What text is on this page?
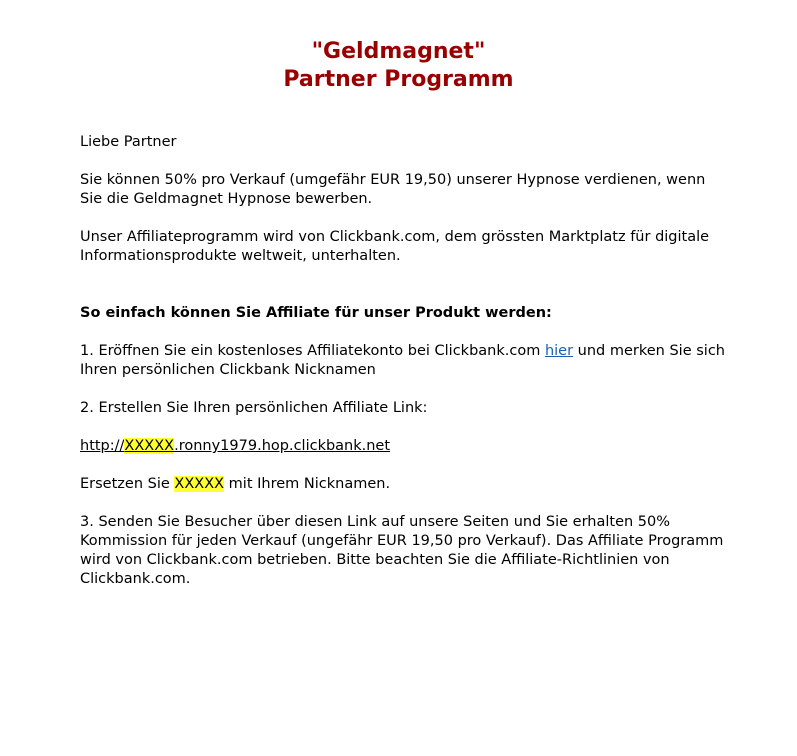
"Geldmagnet"
Partner Programm

Liebe Partner

Sie können 50% pro Verkauf (umgefähr EUR 19,50) unserer Hypnose verdienen, wenn Sie die Geldmagnet Hypnose bewerben.

Unser Affiliateprogramm wird von Clickbank.com, dem grössten Marktplatz für digitale Informationsprodukte weltweit, unterhalten.

So einfach können Sie Affiliate für unser Produkt werden:

1. Eröffnen Sie ein kostenloses Affiliatekonto bei Clickbank.com hier und merken Sie sich Ihren persönlichen Clickbank Nicknamen

2. Erstellen Sie Ihren persönlichen Affiliate Link:

http://XXXXX.ronny1979.hop.clickbank.net

Ersetzen Sie XXXXX mit Ihrem Nicknamen.

3. Senden Sie Besucher über diesen Link auf unsere Seiten und Sie erhalten 50% Kommission für jeden Verkauf (ungefähr EUR 19,50 pro Verkauf). Das Affiliate Programm wird von Clickbank.com betrieben. Bitte beachten Sie die Affiliate-Richtlinien von Clickbank.com.
